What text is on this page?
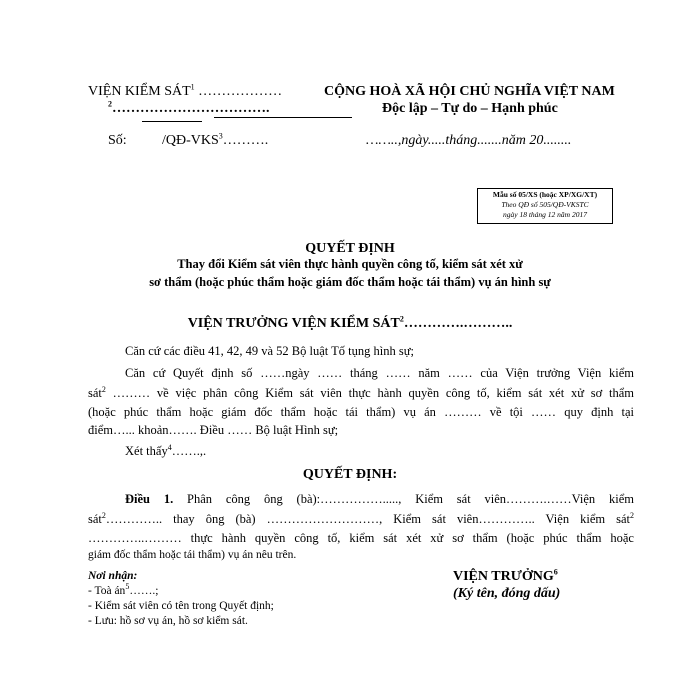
VIỆN KIỂM SÁT$^1$ ………………
$^2$…………………………….
CỘNG HOÀ XÃ HỘI CHỦ NGHĨA VIỆT NAM
Độc lập – Tự do – Hạnh phúc
Số:	/QĐ-VKS$^3$……….	……..,ngày.....tháng.......năm 20........
Mẫu số 05/XS (hoặc XP/XG/XT)
Theo QĐ số 505/QĐ-VKSTC
ngày 18 tháng 12 năm 2017
QUYẾT ĐỊNH
Thay đổi Kiểm sát viên thực hành quyền công tố, kiểm sát xét xử
sơ thẩm (hoặc phúc thẩm hoặc giám đốc thẩm hoặc tái thẩm) vụ án hình sự
VIỆN TRƯỞNG VIỆN KIỂM SÁT$^2$………….………..
Căn cứ các điều 41, 42, 49 và 52 Bộ luật Tố tụng hình sự;
Căn cứ Quyết định số ……ngày …… tháng …… năm …… của Viện trưởng Viện kiểm
sát$^2$ ……… về việc phân công Kiểm sát viên thực hành quyền công tố, kiểm sát xét xử sơ thẩm
(hoặc phúc thẩm hoặc giám đốc thẩm hoặc tái thẩm) vụ án ……… về tội …… quy định tại
điểm…... khoản……. Điều …… Bộ luật Hình sự;
Xét thấy$^4$…….,.
QUYẾT ĐỊNH:
Điều 1. Phân công ông (bà):……………....., Kiểm sát viên……….……Viện kiểm
sát$^2$………….. thay ông (bà) ………………………, Kiểm sát viên………….. Viện kiểm sát$^2$
…………..……… thực hành quyền công tố, kiểm sát xét xử sơ thẩm (hoặc phúc thẩm hoặc
giám đốc thẩm hoặc tái thẩm) vụ án nêu trên.
Nơi nhận:
- Toà $án^5\dots\dots$.;
- Kiểm sát viên có tên trong Quyết định;
- Lưu: hồ sơ vụ án, hồ sơ kiểm sát.
VIỆN TRƯỞNG$^6$
(Ký tên, đóng dấu)
